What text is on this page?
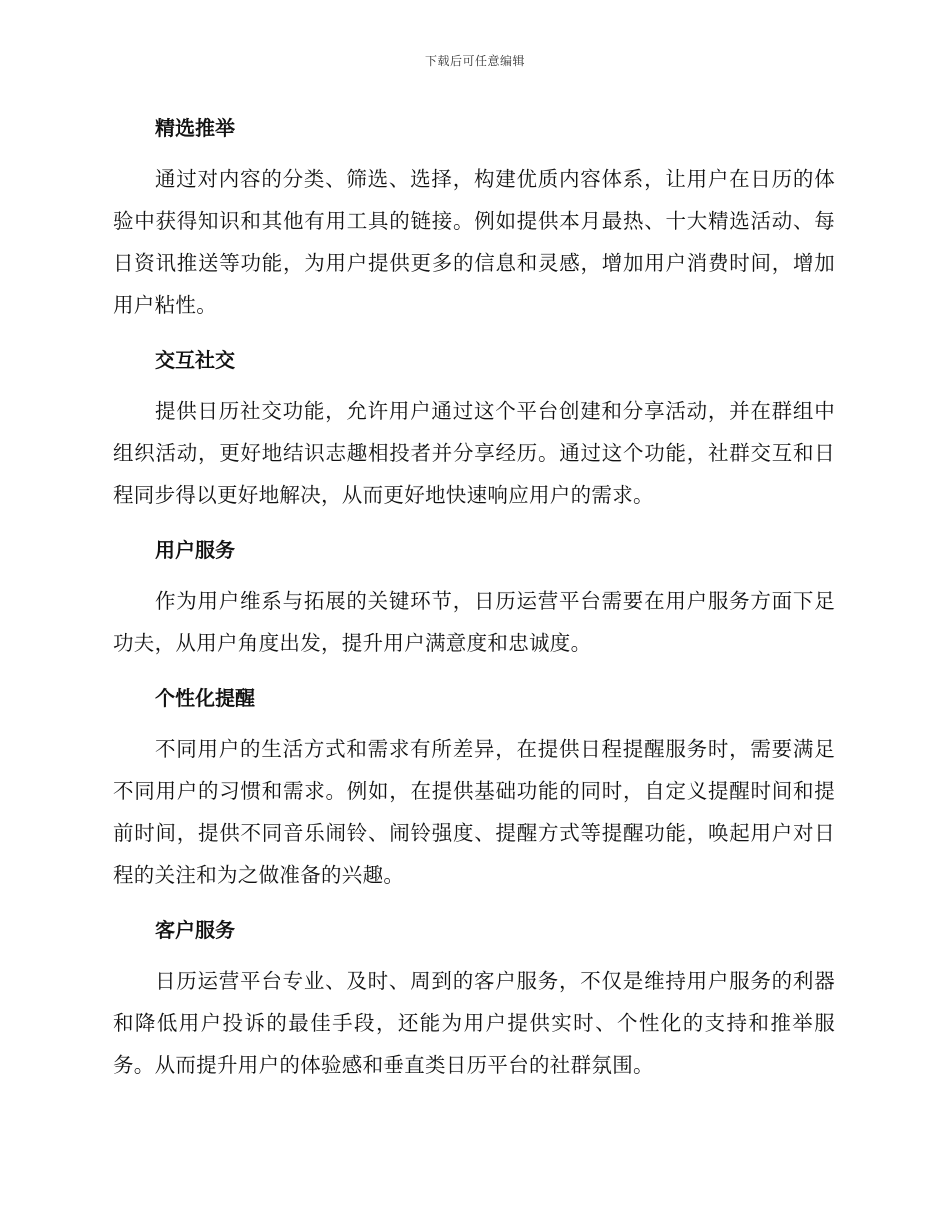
下载后可任意编辑
精选推举

通过对内容的分类、筛选、选择，构建优质内容体系，让用户在日历的体验中获得知识和其他有用工具的链接。例如提供本月最热、十大精选活动、每日资讯推送等功能，为用户提供更多的信息和灵感，增加用户消费时间，增加用户粘性。

交互社交

提供日历社交功能，允许用户通过这个平台创建和分享活动，并在群组中组织活动，更好地结识志趣相投者并分享经历。通过这个功能，社群交互和日程同步得以更好地解决，从而更好地快速响应用户的需求。

用户服务

作为用户维系与拓展的关键环节，日历运营平台需要在用户服务方面下足功夫，从用户角度出发，提升用户满意度和忠诚度。

个性化提醒

不同用户的生活方式和需求有所差异，在提供日程提醒服务时，需要满足不同用户的习惯和需求。例如，在提供基础功能的同时，自定义提醒时间和提前时间，提供不同音乐闹铃、闹铃强度、提醒方式等提醒功能，唤起用户对日程的关注和为之做准备的兴趣。

客户服务

日历运营平台专业、及时、周到的客户服务，不仅是维持用户服务的利器和降低用户投诉的最佳手段，还能为用户提供实时、个性化的支持和推举服务。从而提升用户的体验感和垂直类日历平台的社群氛围。
